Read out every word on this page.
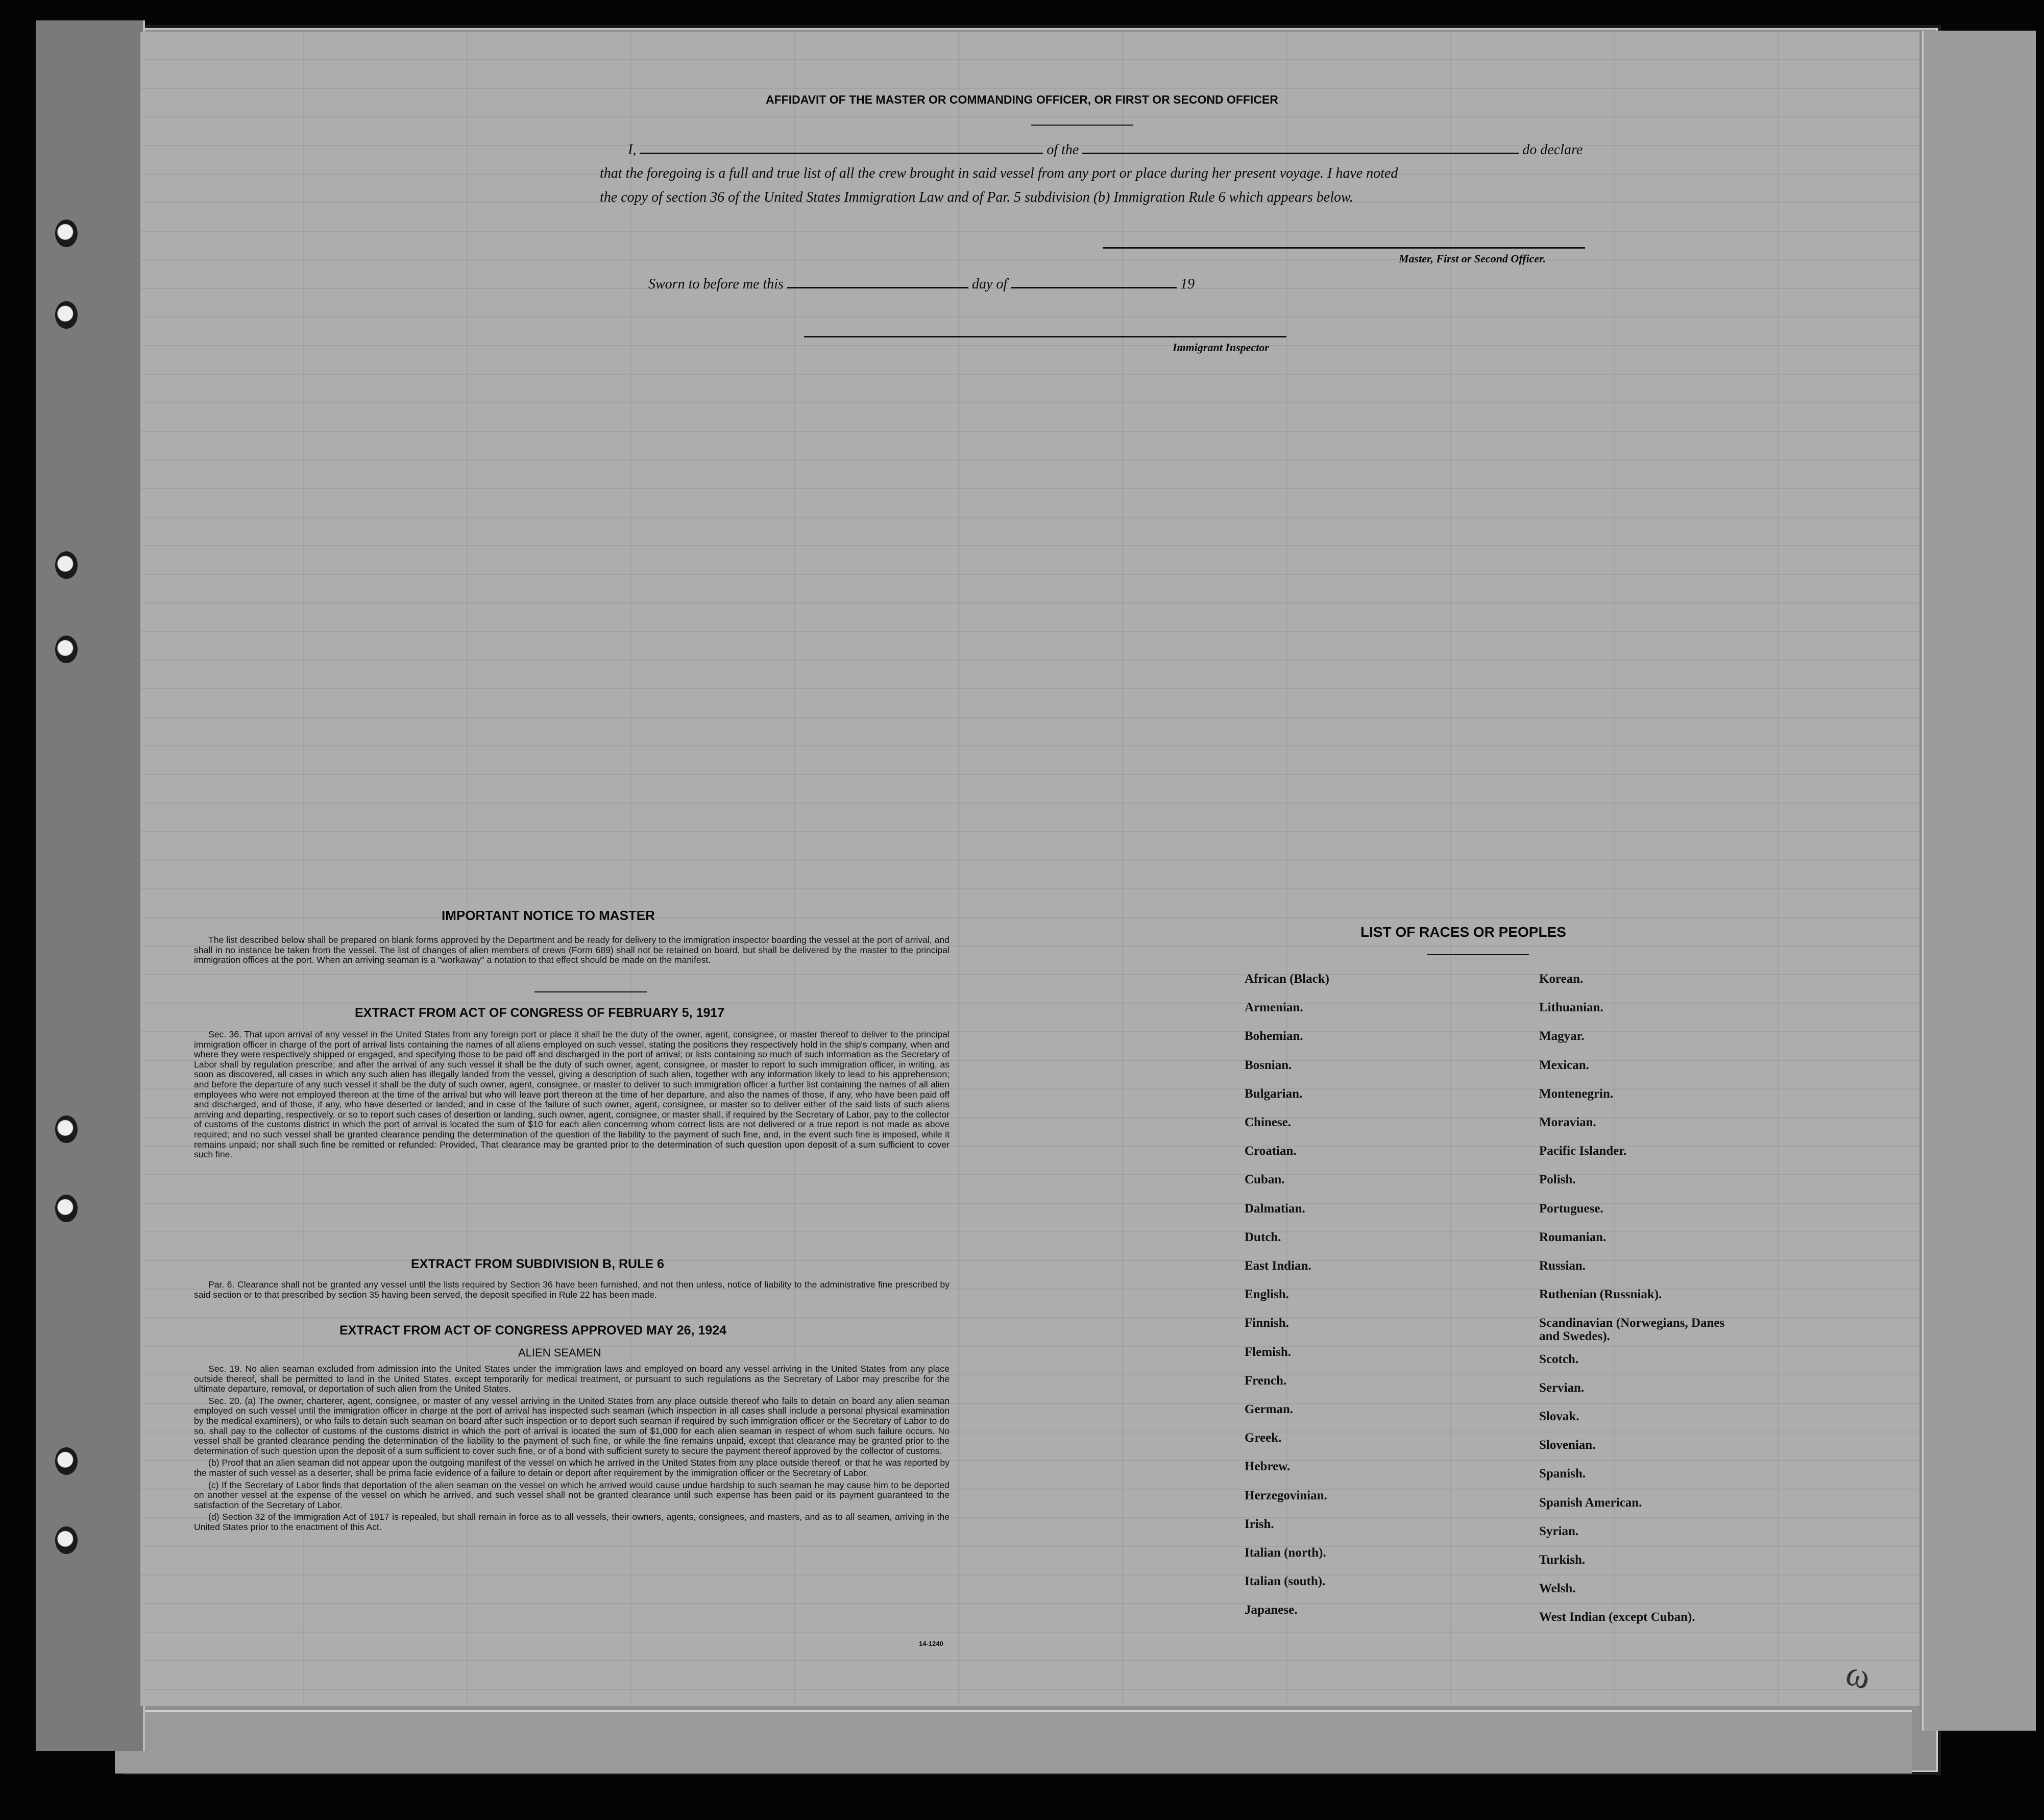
AFFIDAVIT OF THE MASTER OR COMMANDING OFFICER, OR FIRST OR SECOND OFFICER
I,	of the	do declare
that the foregoing is a full and true list of all the crew brought in said vessel from any port or place during her present voyage. I have noted
the copy of section 36 of the United States Immigration Law and of Par. 5 subdivision (b) Immigration Rule 6 which appears below.
Master, First or Second Officer.
Sworn to before me this	day of	19
Immigrant Inspector
IMPORTANT NOTICE TO MASTER

The list described below shall be prepared on blank forms approved by the Department and be ready for delivery to the immigration inspector boarding the vessel at the port of arrival, and shall in no instance be taken from the vessel. The list of changes of alien members of crews (Form 689) shall not be retained on board, but shall be delivered by the master to the principal immigration offices at the port. When an arriving seaman is a "workaway" a notation to that effect should be made on the manifest.

EXTRACT FROM ACT OF CONGRESS OF FEBRUARY 5, 1917

Sec. 36. That upon arrival of any vessel in the United States from any foreign port or place it shall be the duty of the owner, agent, consignee, or master thereof to deliver to the principal immigration officer in charge of the port of arrival lists containing the names of all aliens employed on such vessel, stating the positions they respectively hold in the ship's company, when and where they were respectively shipped or engaged, and specifying those to be paid off and discharged in the port of arrival; or lists containing so much of such information as the Secretary of Labor shall by regulation prescribe; and after the arrival of any such vessel it shall be the duty of such owner, agent, consignee, or master to report to such immigration officer, in writing, as soon as discovered, all cases in which any such alien has illegally landed from the vessel, giving a description of such alien, together with any information likely to lead to his apprehension; and before the departure of any such vessel it shall be the duty of such owner, agent, consignee, or master to deliver to such immigration officer a further list containing the names of all alien employees who were not employed thereon at the time of the arrival but who will leave port thereon at the time of her departure, and also the names of those, if any, who have been paid off and discharged, and of those, if any, who have deserted or landed; and in case of the failure of such owner, agent, consignee, or master so to deliver either of the said lists of such aliens arriving and departing, respectively, or so to report such cases of desertion or landing, such owner, agent, consignee, or master shall, if required by the Secretary of Labor, pay to the collector of customs of the customs district in which the port of arrival is located the sum of $10 for each alien concerning whom correct lists are not delivered or a true report is not made as above required; and no such vessel shall be granted clearance pending the determination of the question of the liability to the payment of such fine, and, in the event such fine is imposed, while it remains unpaid; nor shall such fine be remitted or refunded: Provided, That clearance may be granted prior to the determination of such question upon deposit of a sum sufficient to cover such fine.

EXTRACT FROM SUBDIVISION B, RULE 6

Par. 6. Clearance shall not be granted any vessel until the lists required by Section 36 have been furnished, and not then unless, notice of liability to the administrative fine prescribed by said section or to that prescribed by section 35 having been served, the deposit specified in Rule 22 has been made.

EXTRACT FROM ACT OF CONGRESS APPROVED MAY 26, 1924
ALIEN SEAMEN

Sec. 19. No alien seaman excluded from admission into the United States under the immigration laws and employed on board any vessel arriving in the United States from any place outside thereof, shall be permitted to land in the United States, except temporarily for medical treatment, or pursuant to such regulations as the Secretary of Labor may prescribe for the ultimate departure, removal, or deportation of such alien from the United States.

Sec. 20. (a) The owner, charterer, agent, consignee, or master of any vessel arriving in the United States from any place outside thereof who fails to detain on board any alien seaman employed on such vessel until the immigration officer in charge at the port of arrival has inspected such seaman (which inspection in all cases shall include a personal physical examination by the medical examiners), or who fails to detain such seaman on board after such inspection or to deport such seaman if required by such immigration officer or the Secretary of Labor to do so, shall pay to the collector of customs of the customs district in which the port of arrival is located the sum of $1,000 for each alien seaman in respect of whom such failure occurs. No vessel shall be granted clearance pending the determination of the liability to the payment of such fine, or while the fine remains unpaid, except that clearance may be granted prior to the determination of such question upon the deposit of a sum sufficient to cover such fine, or of a bond with sufficient surety to secure the payment thereof approved by the collector of customs.

(b) Proof that an alien seaman did not appear upon the outgoing manifest of the vessel on which he arrived in the United States from any place outside thereof, or that he was reported by the master of such vessel as a deserter, shall be prima facie evidence of a failure to detain or deport after requirement by the immigration officer or the Secretary of Labor.

(c) If the Secretary of Labor finds that deportation of the alien seaman on the vessel on which he arrived would cause undue hardship to such seaman he may cause him to be deported on another vessel at the expense of the vessel on which he arrived, and such vessel shall not be granted clearance until such expense has been paid or its payment guaranteed to the satisfaction of the Secretary of Labor.

(d) Section 32 of the Immigration Act of 1917 is repealed, but shall remain in force as to all vessels, their owners, agents, consignees, and masters, and as to all seamen, arriving in the United States prior to the enactment of this Act.

14-1240
LIST OF RACES OR PEOPLES
ω
African (Black)
Armenian.
Bohemian.
Bosnian.
Bulgarian.
Chinese.
Croatian.
Cuban.
Dalmatian.
Dutch.
East Indian.
English.
Finnish.
Flemish.
French.
German.
Greek.
Hebrew.
Herzegovinian.
Irish.
Italian (north).
Italian (south).
Japanese.
Korean.
Lithuanian.
Magyar.
Mexican.
Montenegrin.
Moravian.
Pacific Islander.
Polish.
Portuguese.
Roumanian.
Russian.
Ruthenian (Russniak).
Scandinavian (Norwegians, Danes and Swedes).
Scotch.
Servian.
Slovak.
Slovenian.
Spanish.
Spanish American.
Syrian.
Turkish.
Welsh.
West Indian (except Cuban).
